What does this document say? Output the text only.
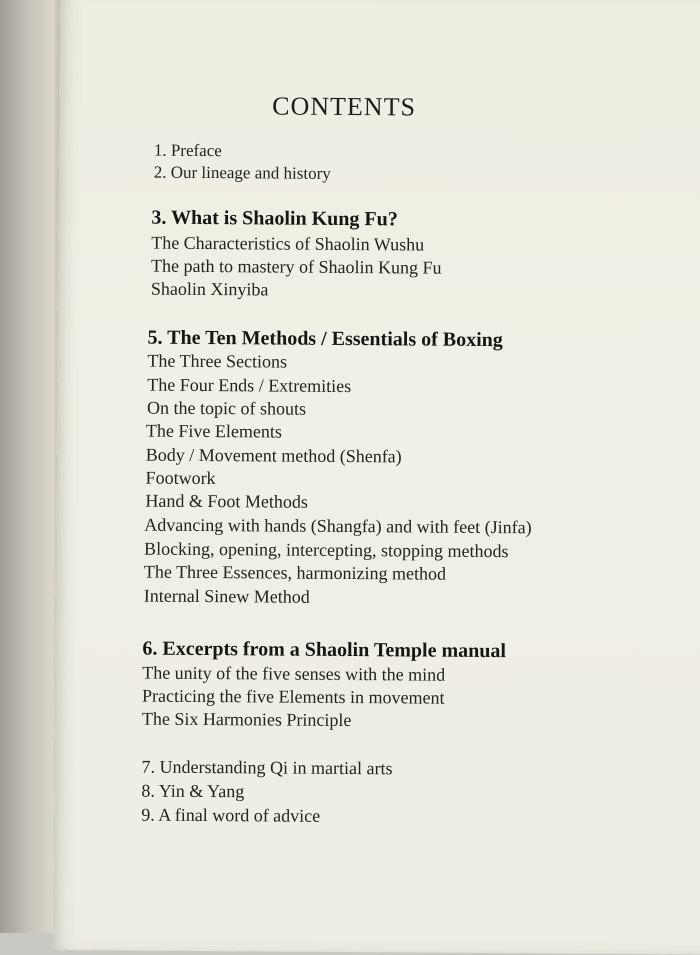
CONTENTS
1. Preface
2. Our lineage and history
3. What is Shaolin Kung Fu?
The Characteristics of Shaolin Wushu
The path to mastery of Shaolin Kung Fu
Shaolin Xinyiba
5. The Ten Methods / Essentials of Boxing
The Three Sections
The Four Ends / Extremities
On the topic of shouts
The Five Elements
Body / Movement method (Shenfa)
Footwork
Hand & Foot Methods
Advancing with hands (Shangfa) and with feet (Jinfa)
Blocking, opening, intercepting, stopping methods
The Three Essences, harmonizing method
Internal Sinew Method
6. Excerpts from a Shaolin Temple manual
The unity of the five senses with the mind
Practicing the five Elements in movement
The Six Harmonies Principle
7. Understanding Qi in martial arts
8. Yin & Yang
9. A final word of advice
